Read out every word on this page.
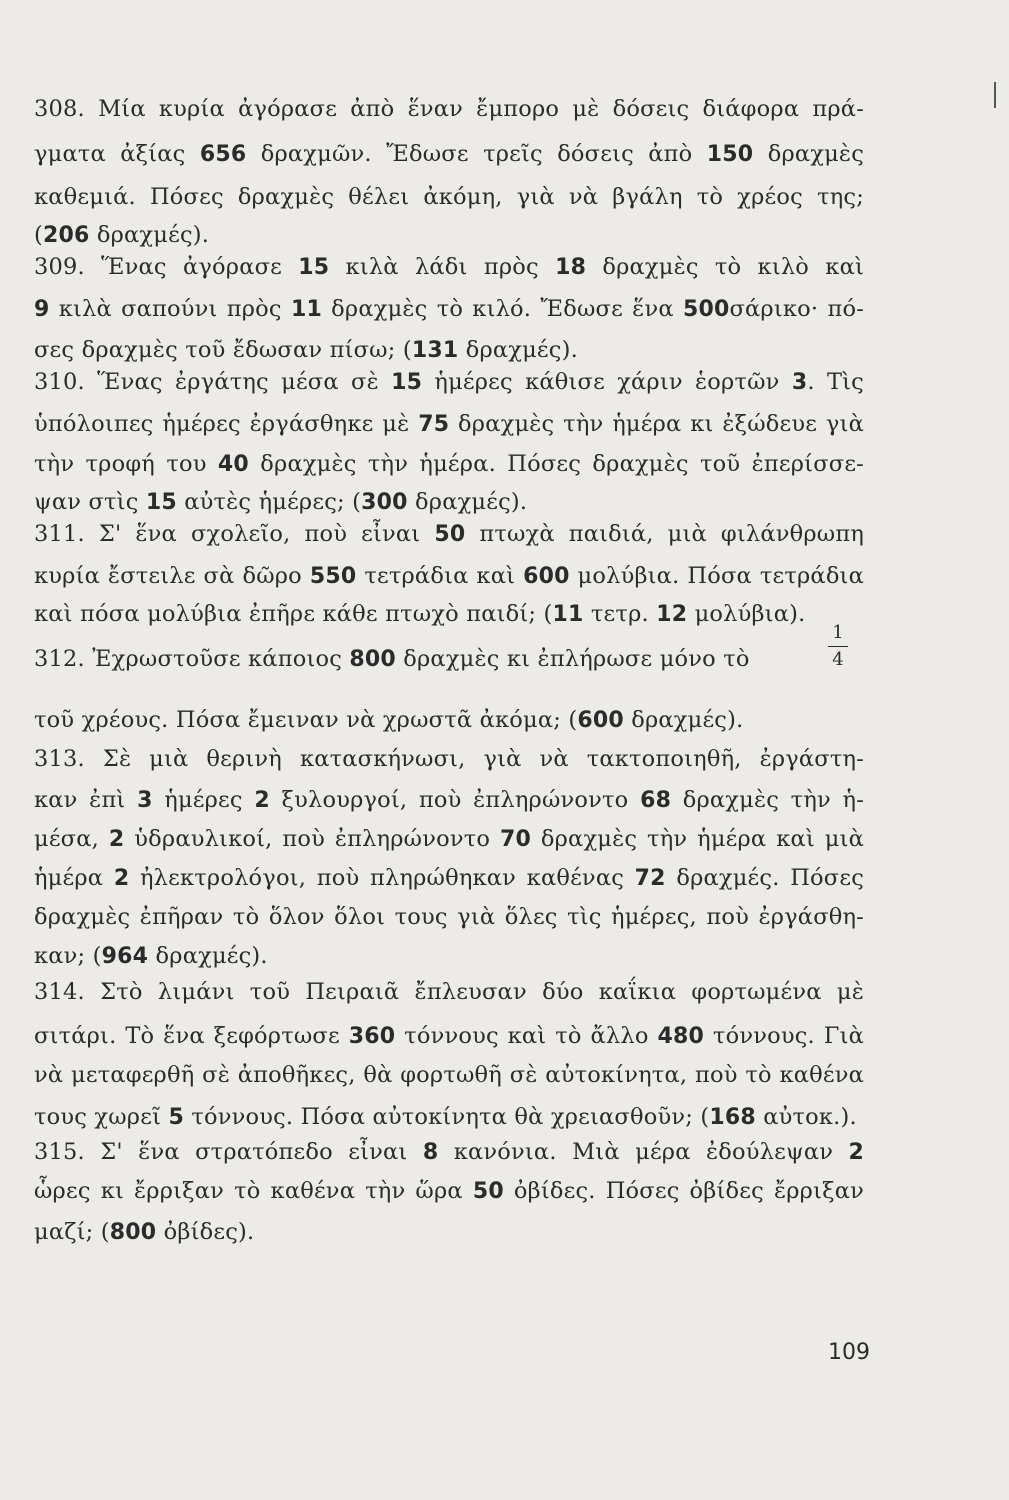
308. Μία κυρία ἀγόρασε ἀπὸ ἕναν ἔμπορο μὲ δόσεις διάφορα πρά-
γματα ἀξίας 656 δραχμῶν. Ἔδωσε τρεῖς δόσεις ἀπὸ 150 δραχμὲς
καθεμιά. Πόσες δραχμὲς θέλει ἀκόμη, γιὰ νὰ βγάλη τὸ χρέος της;
(206 δραχμές).
309. Ἕνας ἀγόρασε 15 κιλὰ λάδι πρὸς 18 δραχμὲς τὸ κιλὸ καὶ
9 κιλὰ σαπούνι πρὸς 11 δραχμὲς τὸ κιλό. Ἔδωσε ἕνα 500σάρικο· πό-
σες δραχμὲς τοῦ ἔδωσαν πίσω; (131 δραχμές).
310. Ἕνας ἐργάτης μέσα σὲ 15 ἡμέρες κάθισε χάριν ἑορτῶν 3. Τὶς
ὑπόλοιπες ἡμέρες ἐργάσθηκε μὲ 75 δραχμὲς τὴν ἡμέρα κι ἐξώδευε γιὰ
τὴν τροφή του 40 δραχμὲς τὴν ἡμέρα. Πόσες δραχμὲς τοῦ ἐπερίσσε-
ψαν στὶς 15 αὐτὲς ἡμέρες; (300 δραχμές).
311. Σ' ἕνα σχολεῖο, ποὺ εἶναι 50 πτωχὰ παιδιά, μιὰ φιλάνθρωπη
κυρία ἔστειλε σὰ δῶρο 550 τετράδια καὶ 600 μολύβια. Πόσα τετράδια
καὶ πόσα μολύβια ἐπῆρε κάθε πτωχὸ παιδί; (11 τετρ. 12 μολύβια).
312. Ἐχρωστοῦσε κάποιος 800 δραχμὲς κι ἐπλήρωσε μόνο τὸ
τοῦ χρέους. Πόσα ἔμειναν νὰ χρωστᾶ ἀκόμα; (600 δραχμές).
313. Σὲ μιὰ θερινὴ κατασκήνωσι, γιὰ νὰ τακτοποιηθῆ, ἐργάστη-
καν ἐπὶ 3 ἡμέρες 2 ξυλουργοί, ποὺ ἐπληρώνοντο 68 δραχμὲς τὴν ἡ-
μέσα, 2 ὑδραυλικοί, ποὺ ἐπληρώνοντο 70 δραχμὲς τὴν ἡμέρα καὶ μιὰ
ἡμέρα 2 ἠλεκτρολόγοι, ποὺ πληρώθηκαν καθένας 72 δραχμές. Πόσες
δραχμὲς ἐπῆραν τὸ ὅλον ὅλοι τους γιὰ ὅλες τὶς ἡμέρες, ποὺ ἐργάσθη-
καν; (964 δραχμές).
314. Στὸ λιμάνι τοῦ Πειραιᾶ ἔπλευσαν δύο καΐκια φορτωμένα μὲ
σιτάρι. Τὸ ἕνα ξεφόρτωσε 360 τόννους καὶ τὸ ἄλλο 480 τόννους. Γιὰ
νὰ μεταφερθῆ σὲ ἀποθῆκες, θὰ φορτωθῆ σὲ αὐτοκίνητα, ποὺ τὸ καθένα
τους χωρεῖ 5 τόννους. Πόσα αὐτοκίνητα θὰ χρειασθοῦν; (168 αὐτοκ.).
315. Σ' ἕνα στρατόπεδο εἶναι 8 κανόνια. Μιὰ μέρα ἐδούλεψαν 2
ὧρες κι ἔρριξαν τὸ καθένα τὴν ὥρα 50 ὀβίδες. Πόσες ὀβίδες ἔρριξαν
μαζί; (800 ὀβίδες).
1
4
109
